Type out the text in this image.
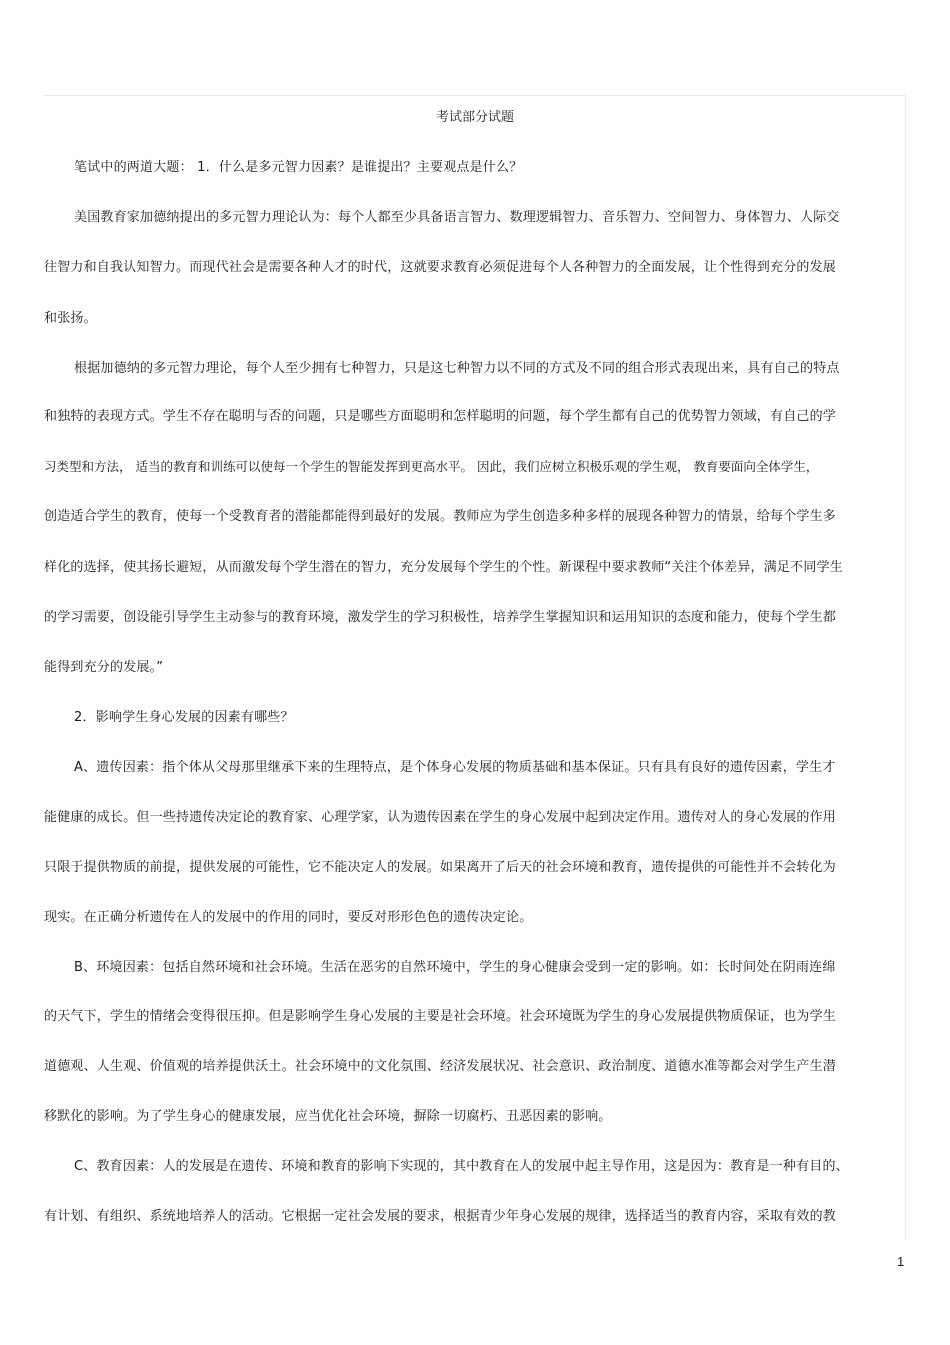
考试部分试题
笔试中的两道大题： 1．什么是多元智力因素？是谁提出？主要观点是什么？
美国教育家加德纳提出的多元智力理论认为：每个人都至少具备语言智力、数理逻辑智力、音乐智力、空间智力、身体智力、人际交
往智力和自我认知智力。而现代社会是需要各种人才的时代，这就要求教育必须促进每个人各种智力的全面发展，让个性得到充分的发展
和张扬。
根据加德纳的多元智力理论，每个人至少拥有七种智力，只是这七种智力以不同的方式及不同的组合形式表现出来，具有自己的特点
和独特的表现方式。学生不存在聪明与否的问题，只是哪些方面聪明和怎样聪明的问题，每个学生都有自己的优势智力领域，有自己的学
习类型和方法， 适当的教育和训练可以使每一个学生的智能发挥到更高水平。 因此，我们应树立积极乐观的学生观， 教育要面向全体学生，
创造适合学生的教育，使每一个受教育者的潜能都能得到最好的发展。教师应为学生创造多种多样的展现各种智力的情景，给每个学生多
样化的选择，使其扬长避短，从而激发每个学生潜在的智力，充分发展每个学生的个性。新课程中要求教师“关注个体差异，满足不同学生
的学习需要，创设能引导学生主动参与的教育环境，激发学生的学习积极性，培养学生掌握知识和运用知识的态度和能力，使每个学生都
能得到充分的发展。”
2．影响学生身心发展的因素有哪些？
A、遗传因素：指个体从父母那里继承下来的生理特点，是个体身心发展的物质基础和基本保证。只有具有良好的遗传因素，学生才
能健康的成长。但一些持遗传决定论的教育家、心理学家，认为遗传因素在学生的身心发展中起到决定作用。遗传对人的身心发展的作用
只限于提供物质的前提，提供发展的可能性，它不能决定人的发展。如果离开了后天的社会环境和教育，遗传提供的可能性并不会转化为
现实。在正确分析遗传在人的发展中的作用的同时，要反对形形色色的遗传决定论。
B、环境因素：包括自然环境和社会环境。生活在恶劣的自然环境中，学生的身心健康会受到一定的影响。如：长时间处在阴雨连绵
的天气下，学生的情绪会变得很压抑。但是影响学生身心发展的主要是社会环境。社会环境既为学生的身心发展提供物质保证，也为学生
道德观、人生观、价值观的培养提供沃土。社会环境中的文化氛围、经济发展状况、社会意识、政治制度、道德水准等都会对学生产生潜
移默化的影响。为了学生身心的健康发展，应当优化社会环境，摒除一切腐朽、丑恶因素的影响。
C、教育因素：人的发展是在遗传、环境和教育的影响下实现的，其中教育在人的发展中起主导作用，这是因为：教育是一种有目的、
有计划、有组织、系统地培养人的活动。它根据一定社会发展的要求，根据青少年身心发展的规律，选择适当的教育内容，采取有效的教
1
